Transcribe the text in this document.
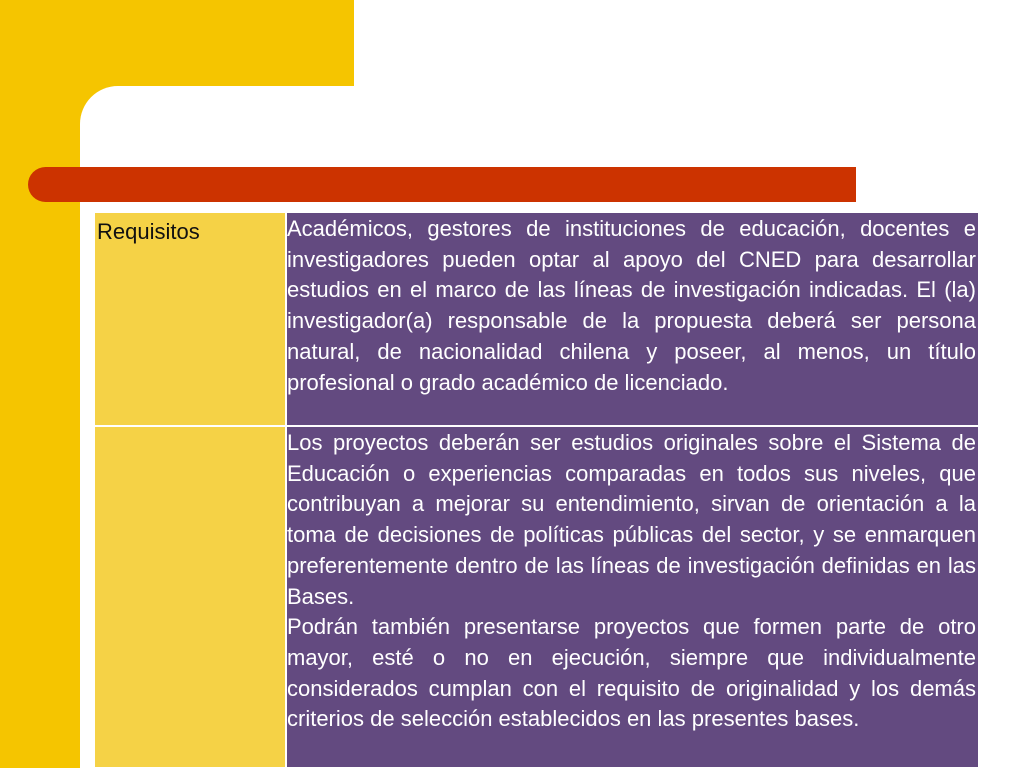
Requisitos	Académicos, gestores de instituciones de educación, docentes e investigadores pueden optar al apoyo del CNED para desarrollar estudios en el marco de las líneas de investigación indicadas. El (la) investigador(a) responsable de la propuesta deberá ser persona natural, de nacionalidad chilena y poseer, al menos, un título profesional o grado académico de licenciado.

Los proyectos deberán ser estudios originales sobre el Sistema de Educación o experiencias comparadas en todos sus niveles, que contribuyan a mejorar su entendimiento, sirvan de orientación a la toma de decisiones de políticas públicas del sector, y se enmarquen preferentemente dentro de las líneas de investigación definidas en las Bases.

Podrán también presentarse proyectos que formen parte de otro mayor, esté o no en ejecución, siempre que individualmente considerados cumplan con el requisito de originalidad y los demás criterios de selección establecidos en las presentes bases.
